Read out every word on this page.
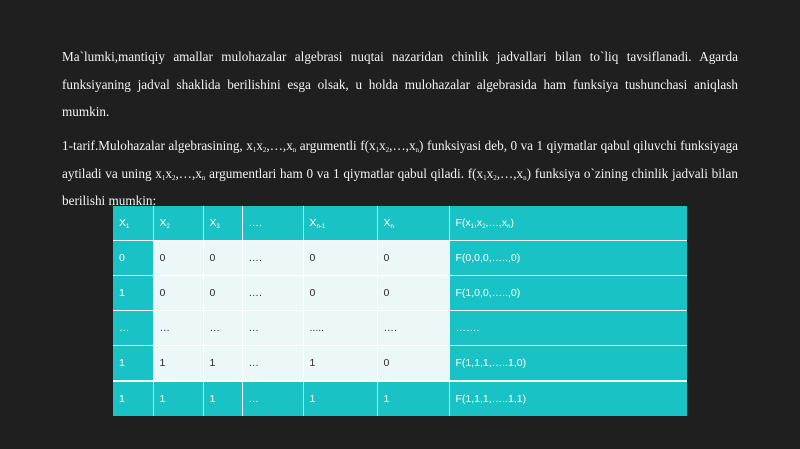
Ma`lumki,mantiqiy amallar mulohazalar algebrasi nuqtai nazaridan chinlik jadvallari bilan to`liq tavsiflanadi. Agarda funksiyaning jadval shaklida berilishini esga olsak, u holda mulohazalar algebrasida ham funksiya tushunchasi aniqlash mumkin.

1-tarif.Mulohazalar algebrasining, $x_1x_2,\dots,x_n$ argumentli $f(x_1x_2,\dots,x_n)$ funksiyasi deb, 0 va 1 qiymatlar qabul qiluvchi funksiyaga aytiladi va uning $x_1x_2,\dots,x_n$ argumentlari ham 0 va 1 qiymatlar qabul qiladi. $f(x_1x_2,\dots,x_n)$ funksiya o`zining chinlik jadvali bilan berilishi mumkin:

$X_1$	$X_2$	$X_3$	….	$X_{n-1}$	$X_n$	$F(x_1,x_2,\dots,x_n)$
0	0	0	….	0	0	F(0,0,0,…..,0)
1	0	0	….	0	0	F(1,0,0,…..,0)
…	…	…	…	.....	….	…….
1	1	1	…	1	0	F(1,1,1,…..1,0)
1	1	1	…	1	1	F(1,1,1,…..1,1)
